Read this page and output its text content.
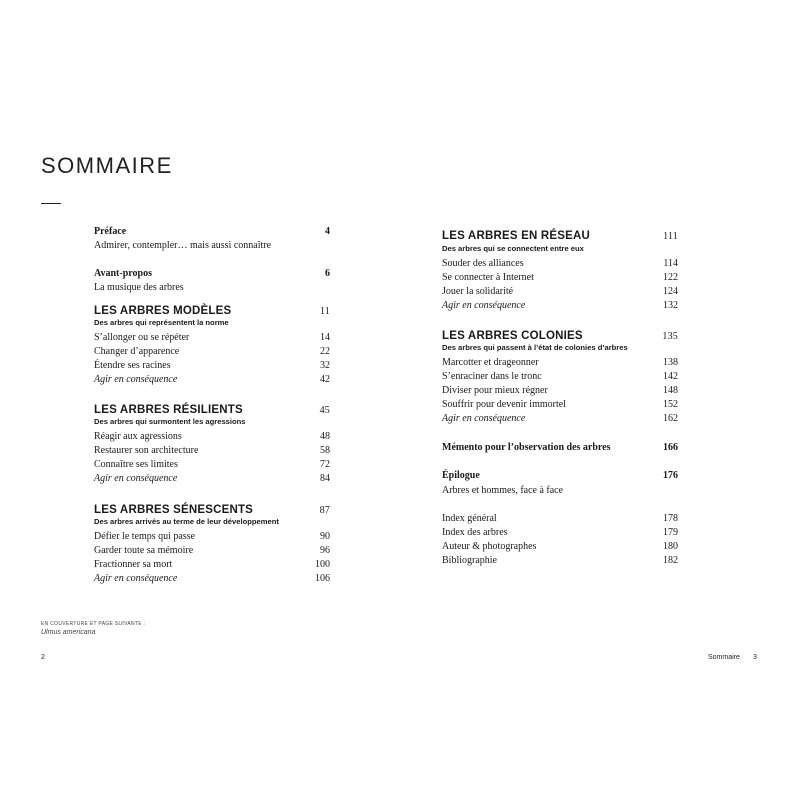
SOMMAIRE
Préface	4
Admirer, contempler… mais aussi connaître
Avant-propos	6
La musique des arbres
LES ARBRES MODÈLES	11
Des arbres qui représentent la norme
S’allonger ou se répéter	14
Changer d’apparence	22
Étendre ses racines	32
Agir en conséquence	42
LES ARBRES RÉSILIENTS	45
Des arbres qui surmontent les agressions
Réagir aux agressions	48
Restaurer son architecture	58
Connaître ses limites	72
Agir en conséquence	84
LES ARBRES SÉNESCENTS	87
Des arbres arrivés au terme de leur développement
Défier le temps qui passe	90
Garder toute sa mémoire	96
Fractionner sa mort	100
Agir en conséquence	106
LES ARBRES EN RÉSEAU	111
Des arbres qui se connectent entre eux
Souder des alliances	114
Se connecter à Internet	122
Jouer la solidarité	124
Agir en conséquence	132
LES ARBRES COLONIES	135
Des arbres qui passent à l’état de colonies d’arbres
Marcotter et drageonner	138
S’enraciner dans le tronc	142
Diviser pour mieux régner	148
Souffrir pour devenir immortel	152
Agir en conséquence	162
Mémento pour l’observation des arbres	166
Épilogue	176
Arbres et hommes, face à face
Index général	178
Index des arbres	179
Auteur & photographes	180
Bibliographie	182
EN COUVERTURE ET PAGE SUIVANTE :
Ulmus americana
2	Sommaire 3
